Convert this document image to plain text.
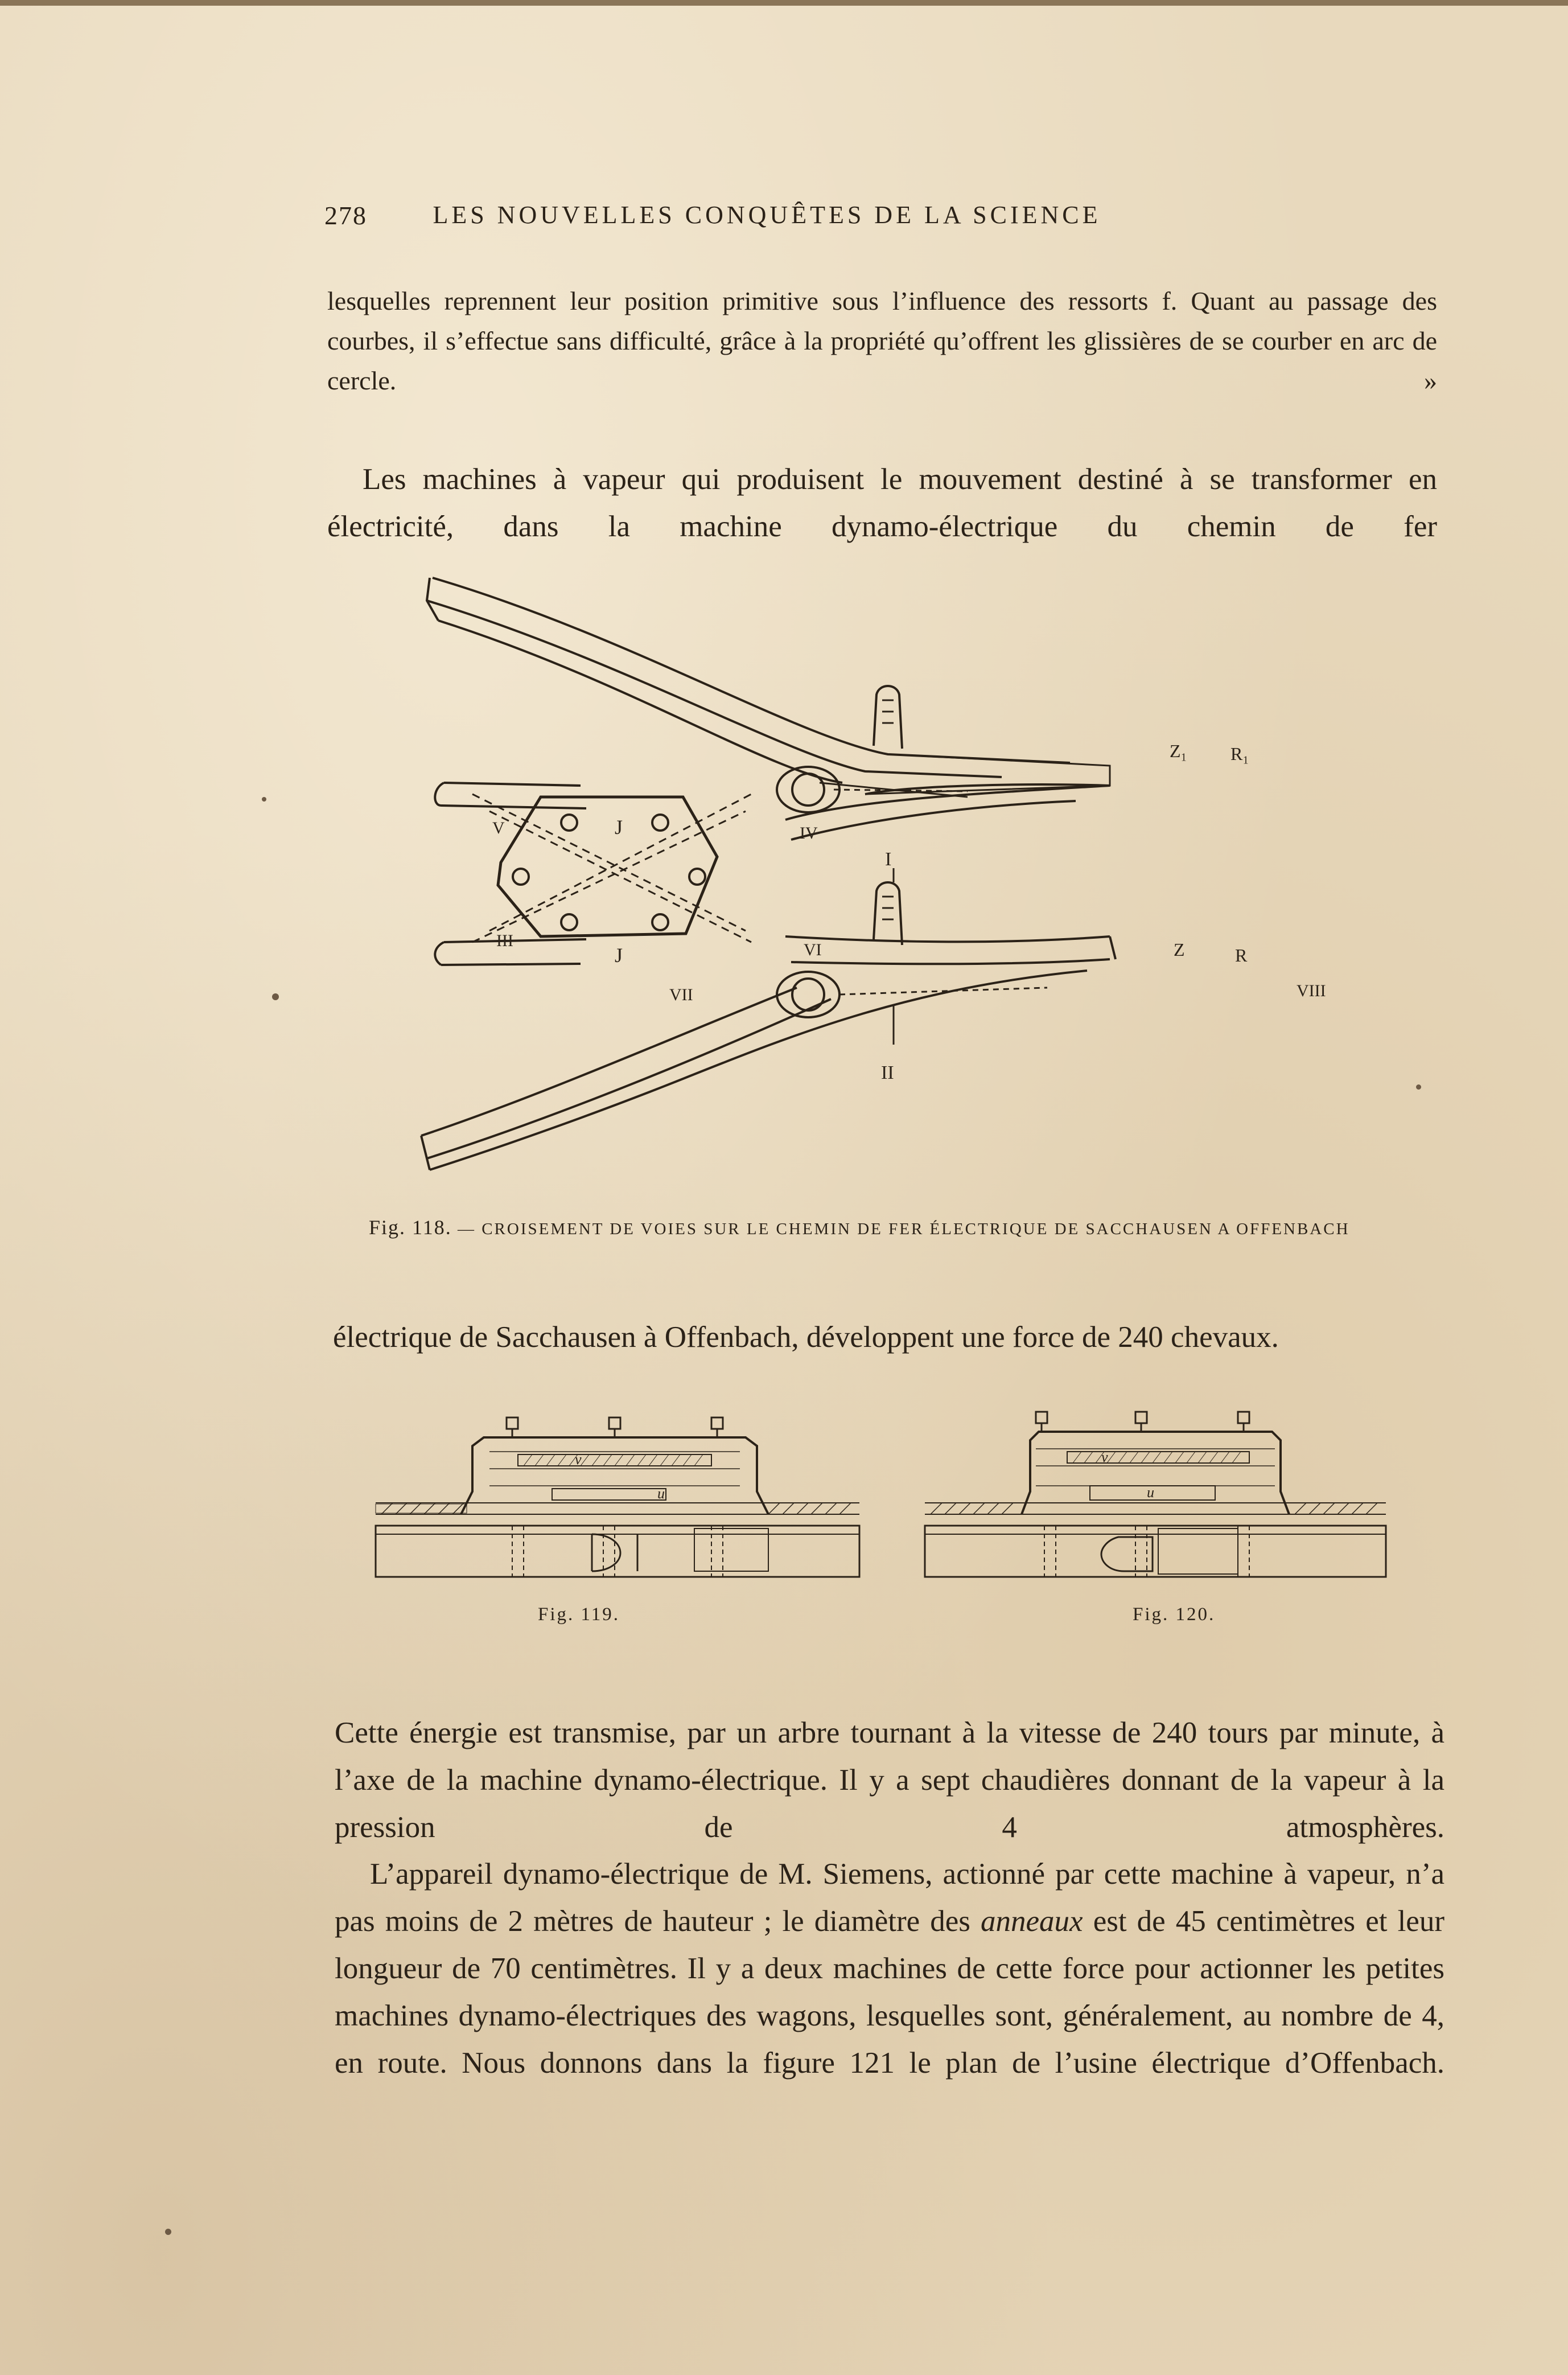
278	LES NOUVELLES CONQUÊTES DE LA SCIENCE

lesquelles reprennent leur position primitive sous l’influence des ressorts f. Quant au passage des courbes, il s’effectue sans difficulté, grâce à la propriété qu’offrent les glissières de se courber en arc de cercle. »

Les machines à vapeur qui produisent le mouvement destiné à se transformer en électricité, dans la machine dynamo-électrique du chemin de fer

I
II
J
J
Z₁ R₁
Z	R
V
III
IV
VI
VII	VIII
Fig. 118. — CROISEMENT DE VOIES SUR LE CHEMIN DE FER ÉLECTRIQUE DE SACCHAUSEN A OFFENBACH

électrique de Sacchausen à Offenbach, développent une force de 240 chevaux.

v
u
v
u
Fig. 119.	Fig. 120.

Cette énergie est transmise, par un arbre tournant à la vitesse de 240 tours par minute, à l’axe de la machine dynamo-électrique. Il y a sept chaudières donnant de la vapeur à la pression de 4 atmosphères.

L’appareil dynamo-électrique de M. Siemens, actionné par cette machine à vapeur, n’a pas moins de 2 mètres de hauteur ; le diamètre des anneaux est de 45 centimètres et leur longueur de 70 centimètres. Il y a deux machines de cette force pour actionner les petites machines dynamo-électriques des wagons, lesquelles sont, généralement, au nombre de 4, en route. Nous donnons dans la figure 121 le plan de l’usine électrique d’Offenbach.
